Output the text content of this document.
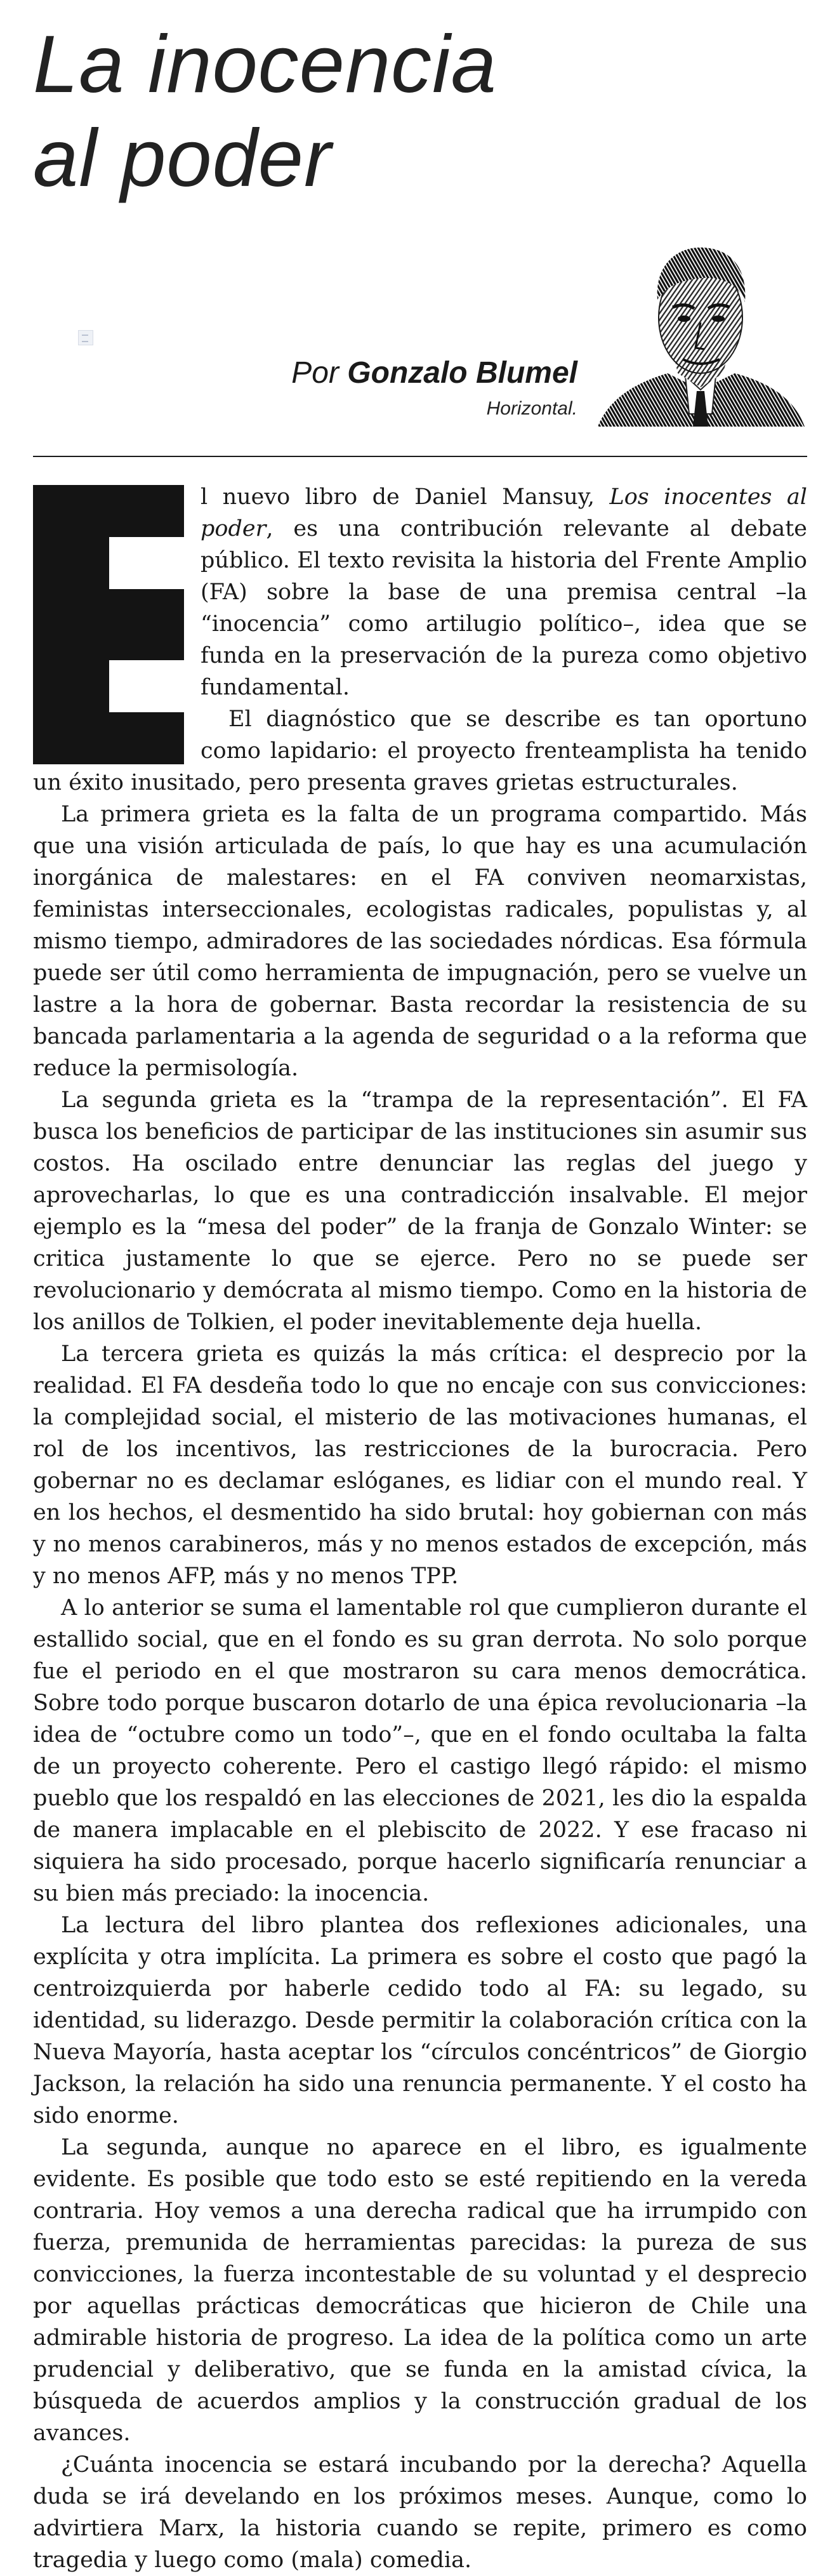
La inocencia
al poder
Por Gonzalo Blumel
Horizontal.

l nuevo libro de Daniel Mansuy, Los inocentes al poder, es una contribución relevante al debate público. El texto revisita la historia del Frente Amplio (FA) sobre la base de una premisa central –la “inocencia” como artilugio político–, idea que se funda en la preservación de la pureza como objetivo fundamental.

El diagnóstico que se describe es tan oportuno como lapidario: el proyecto frenteamplista ha tenido un éxito inusitado, pero presenta graves grietas estructurales.

La primera grieta es la falta de un programa compartido. Más que una visión articulada de país, lo que hay es una acumulación inorgánica de malestares: en el FA conviven neomarxistas, feministas interseccionales, ecologistas radicales, populistas y, al mismo tiempo, admiradores de las sociedades nórdicas. Esa fórmula puede ser útil como herramienta de impugnación, pero se vuelve un lastre a la hora de gobernar. Basta recordar la resistencia de su bancada parlamentaria a la agenda de seguridad o a la reforma que reduce la permisología.

La segunda grieta es la “trampa de la representación”. El FA busca los beneficios de participar de las instituciones sin asumir sus costos. Ha oscilado entre denunciar las reglas del juego y aprovecharlas, lo que es una contradicción insalvable. El mejor ejemplo es la “mesa del poder” de la franja de Gonzalo Winter: se critica justamente lo que se ejerce. Pero no se puede ser revolucionario y demócrata al mismo tiempo. Como en la historia de los anillos de Tolkien, el poder inevitablemente deja huella.

La tercera grieta es quizás la más crítica: el desprecio por la realidad. El FA desdeña todo lo que no encaje con sus convicciones: la complejidad social, el misterio de las motivaciones humanas, el rol de los incentivos, las restricciones de la burocracia. Pero gobernar no es declamar eslóganes, es lidiar con el mundo real. Y en los hechos, el desmentido ha sido brutal: hoy gobiernan con más y no menos carabineros, más y no menos estados de excepción, más y no menos AFP, más y no menos TPP.

A lo anterior se suma el lamentable rol que cumplieron durante el estallido social, que en el fondo es su gran derrota. No solo porque fue el periodo en el que mostraron su cara menos democrática. Sobre todo porque buscaron dotarlo de una épica revolucionaria –la idea de “octubre como un todo”–, que en el fondo ocultaba la falta de un proyecto coherente. Pero el castigo llegó rápido: el mismo pueblo que los respaldó en las elecciones de 2021, les dio la espalda de manera implacable en el plebiscito de 2022. Y ese fracaso ni siquiera ha sido procesado, porque hacerlo significaría renunciar a su bien más preciado: la inocencia.

La lectura del libro plantea dos reflexiones adicionales, una explícita y otra implícita. La primera es sobre el costo que pagó la centroizquierda por haberle cedido todo al FA: su legado, su identidad, su liderazgo. Desde permitir la colaboración crítica con la Nueva Mayoría, hasta aceptar los “círculos concéntricos” de Giorgio Jackson, la relación ha sido una renuncia permanente. Y el costo ha sido enorme.

La segunda, aunque no aparece en el libro, es igualmente evidente. Es posible que todo esto se esté repitiendo en la vereda contraria. Hoy vemos a una derecha radical que ha irrumpido con fuerza, premunida de herramientas parecidas: la pureza de sus convicciones, la fuerza incontestable de su voluntad y el desprecio por aquellas prácticas democráticas que hicieron de Chile una admirable historia de progreso. La idea de la política como un arte prudencial y deliberativo, que se funda en la amistad cívica, la búsqueda de acuerdos amplios y la construcción gradual de los avances.

¿Cuánta inocencia se estará incubando por la derecha? Aquella duda se irá develando en los próximos meses. Aunque, como lo advirtiera Marx, la historia cuando se repite, primero es como tragedia y luego como (mala) comedia.
